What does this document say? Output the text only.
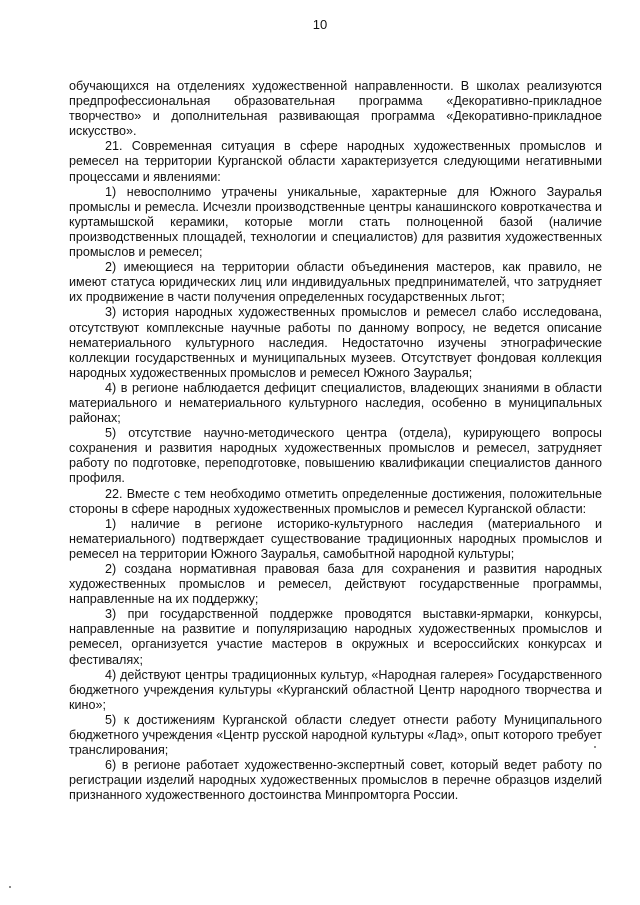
10

обучающихся на отделениях художественной направленности. В школах реализуются предпрофессиональная образовательная программа «Декоративно-прикладное творчество» и дополнительная развивающая программа «Декоративно-прикладное искусство».

21. Современная ситуация в сфере народных художественных промыслов и ремесел на территории Курганской области характеризуется следующими негативными процессами и явлениями:

1) невосполнимо утрачены уникальные, характерные для Южного Зауралья промыслы и ремесла. Исчезли производственные центры канашинского ковроткачества и куртамышской керамики, которые могли стать полноценной базой (наличие производственных площадей, технологии и специалистов) для развития художественных промыслов и ремесел;

2) имеющиеся на территории области объединения мастеров, как правило, не имеют статуса юридических лиц или индивидуальных предпринимателей, что затрудняет их продвижение в части получения определенных государственных льгот;

3) история народных художественных промыслов и ремесел слабо исследована, отсутствуют комплексные научные работы по данному вопросу, не ведется описание нематериального культурного наследия. Недостаточно изучены этнографические коллекции государственных и муниципальных музеев. Отсутствует фондовая коллекция народных художественных промыслов и ремесел Южного Зауралья;

4) в регионе наблюдается дефицит специалистов, владеющих знаниями в области материального и нематериального культурного наследия, особенно в муниципальных районах;

5) отсутствие научно-методического центра (отдела), курирующего вопросы сохранения и развития народных художественных промыслов и ремесел, затрудняет работу по подготовке, переподготовке, повышению квалификации специалистов данного профиля.

22. Вместе с тем необходимо отметить определенные достижения, положительные стороны в сфере народных художественных промыслов и ремесел Курганской области:

1) наличие в регионе историко-культурного наследия (материального и нематериального) подтверждает существование традиционных народных промыслов и ремесел на территории Южного Зауралья, самобытной народной культуры;

2) создана нормативная правовая база для сохранения и развития народных художественных промыслов и ремесел, действуют государственные программы, направленные на их поддержку;

3) при государственной поддержке проводятся выставки-ярмарки, конкурсы, направленные на развитие и популяризацию народных художественных промыслов и ремесел, организуется участие мастеров в окружных и всероссийских конкурсах и фестивалях;

4) действуют центры традиционных культур, «Народная галерея» Государственного бюджетного учреждения культуры «Курганский областной Центр народного творчества и кино»;

5) к достижениям Курганской области следует отнести работу Муниципального бюджетного учреждения «Центр русской народной культуры «Лад», опыт которого требует транслирования;

6) в регионе работает художественно-экспертный совет, который ведет работу по регистрации изделий народных художественных промыслов в перечне образцов изделий признанного художественного достоинства Минпромторга России.
